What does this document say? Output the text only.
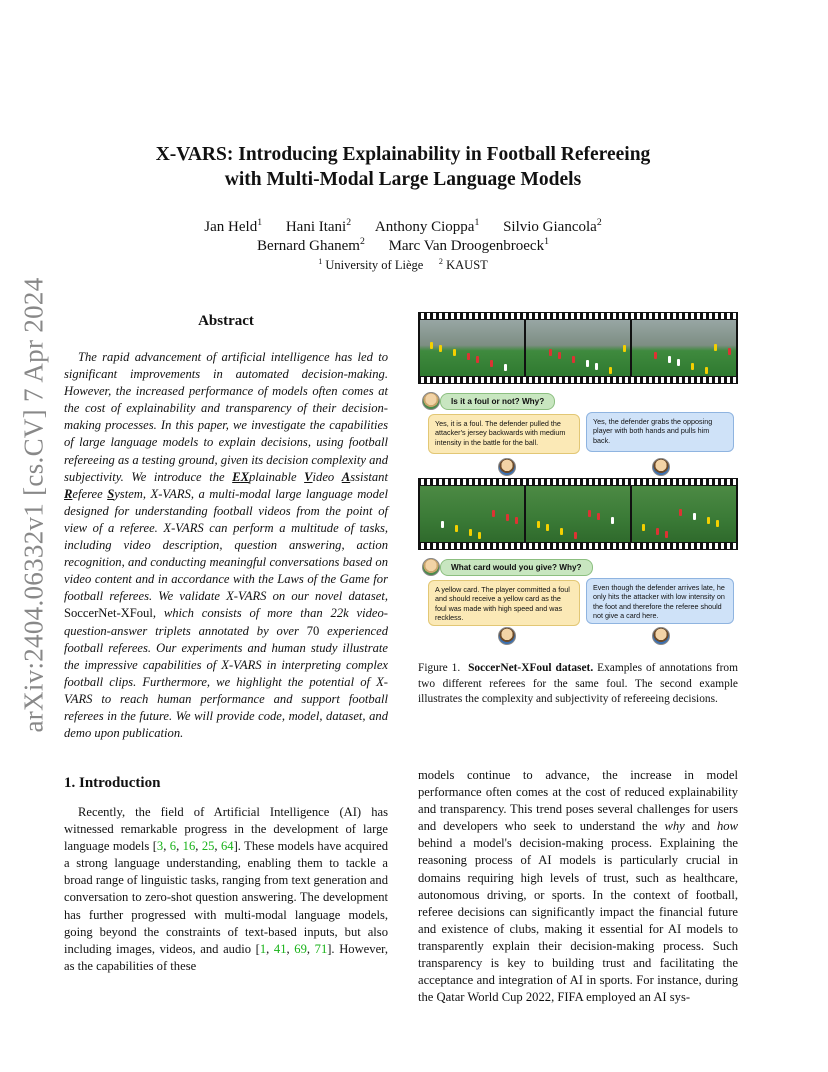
arXiv:2404.06332v1 [cs.CV] 7 Apr 2024
X-VARS: Introducing Explainability in Football Refereeing
with Multi-Modal Large Language Models
Jan Held$^1$ Hani Itani$^2$ Anthony Cioppa$^1$ Silvio Giancola$^2$
Bernard Ghanem$^2$ Marc Van Droogenbroeck$^1$
$^1$ University of Liège $^2$ KAUST
Abstract
The rapid advancement of artificial intelligence has led to significant improvements in automated decision-making. However, the increased performance of models often comes at the cost of explainability and transparency of their decision-making processes. In this paper, we investigate the capabilities of large language models to explain decisions, using football refereeing as a testing ground, given its decision complexity and subjectivity. We introduce the EXplainable Video Assistant Referee System, X-VARS, a multi-modal large language model designed for understanding football videos from the point of view of a referee. X-VARS can perform a multitude of tasks, including video description, question answering, action recognition, and conducting meaningful conversations based on video content and in accordance with the Laws of the Game for football referees. We validate X-VARS on our novel dataset, SoccerNet-XFoul, which consists of more than 22k video-question-answer triplets annotated by over 70 experienced football referees. Our experiments and human study illustrate the impressive capabilities of X-VARS in interpreting complex football clips. Furthermore, we highlight the potential of X-VARS to reach human performance and support football referees in the future. We will provide code, model, dataset, and demo upon publication.
Is it a foul or not? Why?
Yes, it is a foul. The defender pulled the attacker's jersey backwards with medium intensity in the battle for the ball.
Yes, the defender grabs the opposing player with both hands and pulls him back.
What card would you give? Why?
A yellow card. The player committed a foul and should receive a yellow card as the foul was made with high speed and was reckless.
Even though the defender arrives late, he only hits the attacker with low intensity on the foot and therefore the referee should not give a card here.
Figure 1. SoccerNet-XFoul dataset. Examples of annotations from two different referees for the same foul. The second example illustrates the complexity and subjectivity of refereeing decisions.
1. Introduction
Recently, the field of Artificial Intelligence (AI) has witnessed remarkable progress in the development of large language models [3, 6, 16, 25, 64]. These models have acquired a strong language understanding, enabling them to tackle a broad range of linguistic tasks, ranging from text generation and conversation to zero-shot question answering. The development has further progressed with multi-modal language models, going beyond the constraints of text-based inputs, but also including images, videos, and audio [1, 41, 69, 71]. However, as the capabilities of these
models continue to advance, the increase in model performance often comes at the cost of reduced explainability and transparency. This trend poses several challenges for users and developers who seek to understand the why and how behind a model's decision-making process. Explaining the reasoning process of AI models is particularly crucial in domains requiring high levels of trust, such as healthcare, autonomous driving, or sports. In the context of football, referee decisions can significantly impact the financial future and existence of clubs, making it essential for AI models to transparently explain their decision-making process. Such transparency is key to building trust and facilitating the acceptance and integration of AI in sports. For instance, during the Qatar World Cup 2022, FIFA employed an AI sys-
